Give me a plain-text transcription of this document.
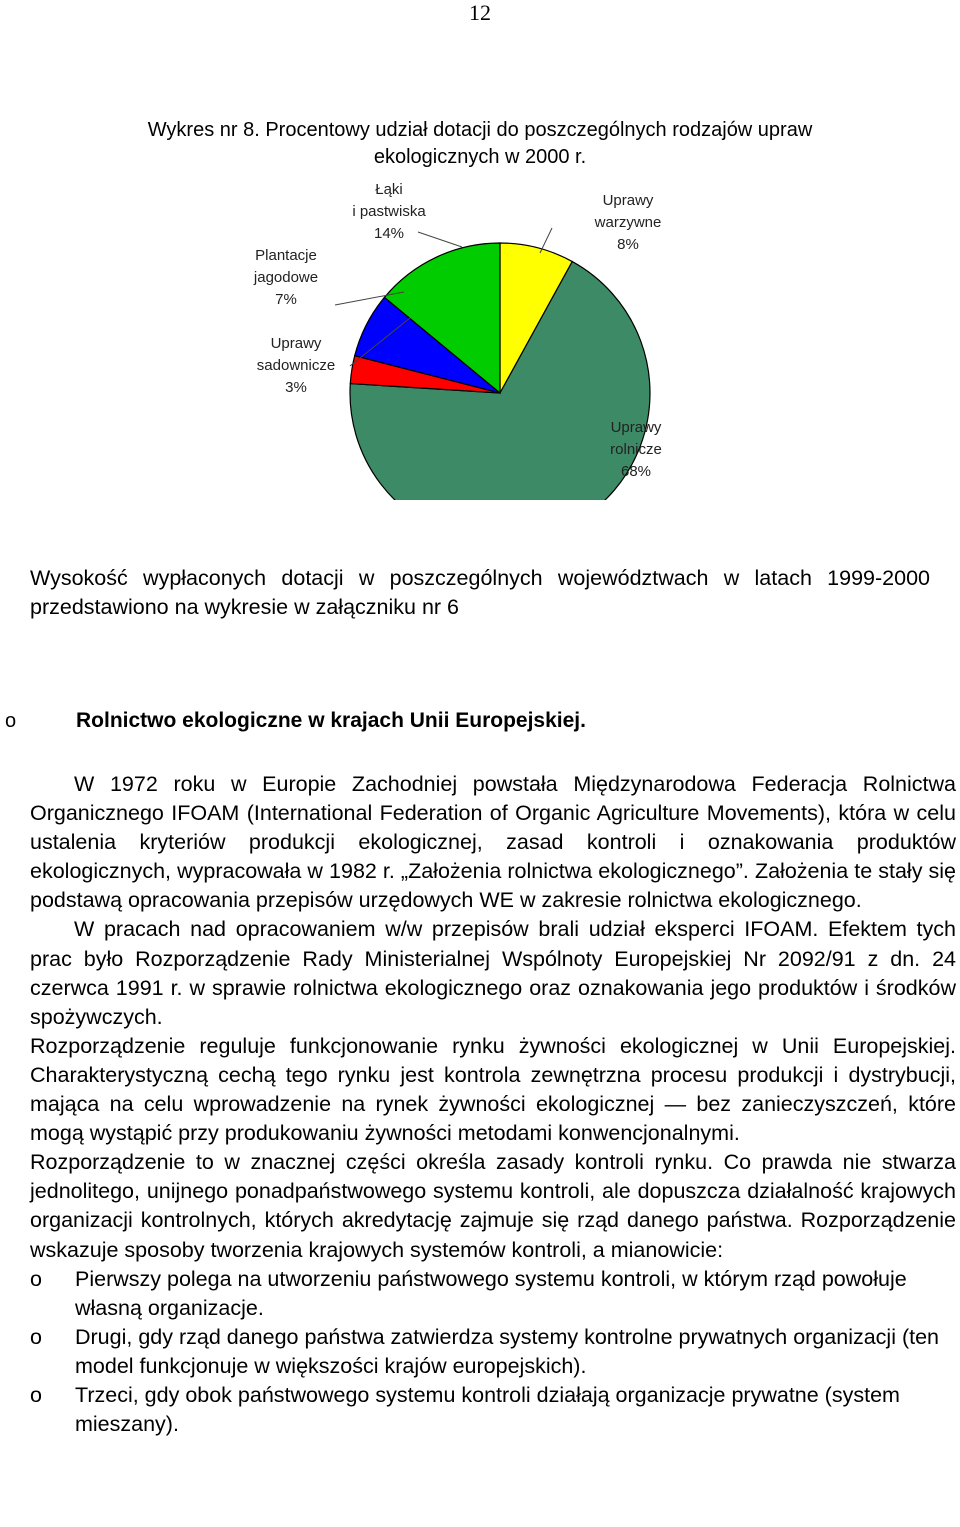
12
Wykres nr 8. Procentowy udział dotacji do poszczególnych rodzajów upraw
ekologicznych w 2000 r.
Uprawy warzywne 8%
Uprawy rolnicze 68%
Uprawy sadownicze 3%
Plantacje jagodowe 7%
Łąki i pastwiska 14%
Wysokość wypłaconych dotacji w poszczególnych województwach w latach 1999-2000 przedstawiono na wykresie w załączniku nr 6
o	Rolnictwo ekologiczne w krajach Unii Europejskiej.

W 1972 roku w Europie Zachodniej powstała Międzynarodowa Federacja Rolnictwa Organicznego IFOAM (International Federation of Organic Agriculture Movements), która w celu ustalenia kryteriów produkcji ekologicznej, zasad kontroli i oznakowania produktów ekologicznych, wypracowała w 1982 r. „Założenia rolnictwa ekologicznego”. Założenia te stały się podstawą opracowania przepisów urzędowych WE w zakresie rolnictwa ekologicznego.

W pracach nad opracowaniem w/w przepisów brali udział eksperci IFOAM. Efektem tych prac było Rozporządzenie Rady Ministerialnej Wspólnoty Europejskiej Nr 2092/91 z dn. 24 czerwca 1991 r. w sprawie rolnictwa ekologicznego oraz oznakowania jego produktów i środków spożywczych.

Rozporządzenie reguluje funkcjonowanie rynku żywności ekologicznej w Unii Europejskiej. Charakterystyczną cechą tego rynku jest kontrola zewnętrzna procesu produkcji i dystrybucji, mająca na celu wprowadzenie na rynek żywności ekologicznej — bez zanieczyszczeń, które mogą wystąpić przy produkowaniu żywności metodami konwencjonalnymi.

Rozporządzenie to w znacznej części określa zasady kontroli rynku. Co prawda nie stwarza jednolitego, unijnego ponadpaństwowego systemu kontroli, ale dopuszcza działalność krajowych organizacji kontrolnych, których akredytację zajmuje się rząd danego państwa. Rozporządzenie wskazuje sposoby tworzenia krajowych systemów kontroli, a mianowicie:

o Pierwszy polega na utworzeniu państwowego systemu kontroli, w którym rząd powołuje własną organizacje.
o Drugi, gdy rząd danego państwa zatwierdza systemy kontrolne prywatnych organizacji (ten model funkcjonuje w większości krajów europejskich).
o Trzeci, gdy obok państwowego systemu kontroli działają organizacje prywatne (system mieszany).
